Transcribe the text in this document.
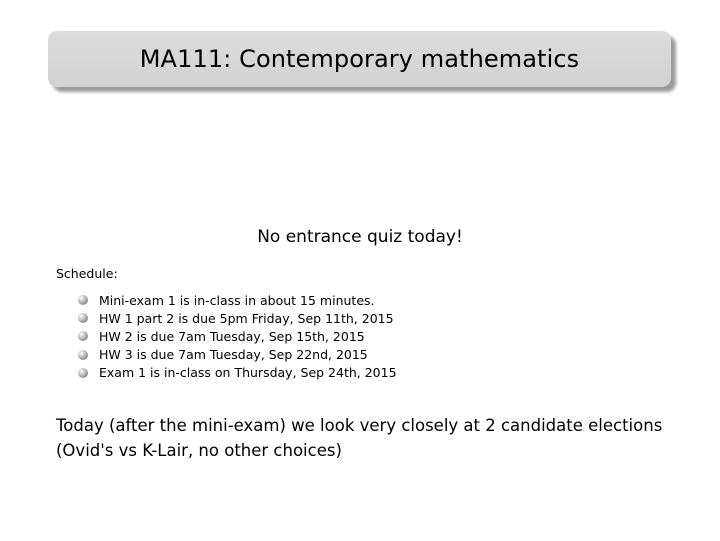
MA111: Contemporary mathematics
No entrance quiz today!
Schedule:
Mini-exam 1 is in-class in about 15 minutes.
HW 1 part 2 is due 5pm Friday, Sep 11th, 2015
HW 2 is due 7am Tuesday, Sep 15th, 2015
HW 3 is due 7am Tuesday, Sep 22nd, 2015
Exam 1 is in-class on Thursday, Sep 24th, 2015
Today (after the mini-exam) we look very closely at 2 candidate elections
(Ovid's vs K-Lair, no other choices)
